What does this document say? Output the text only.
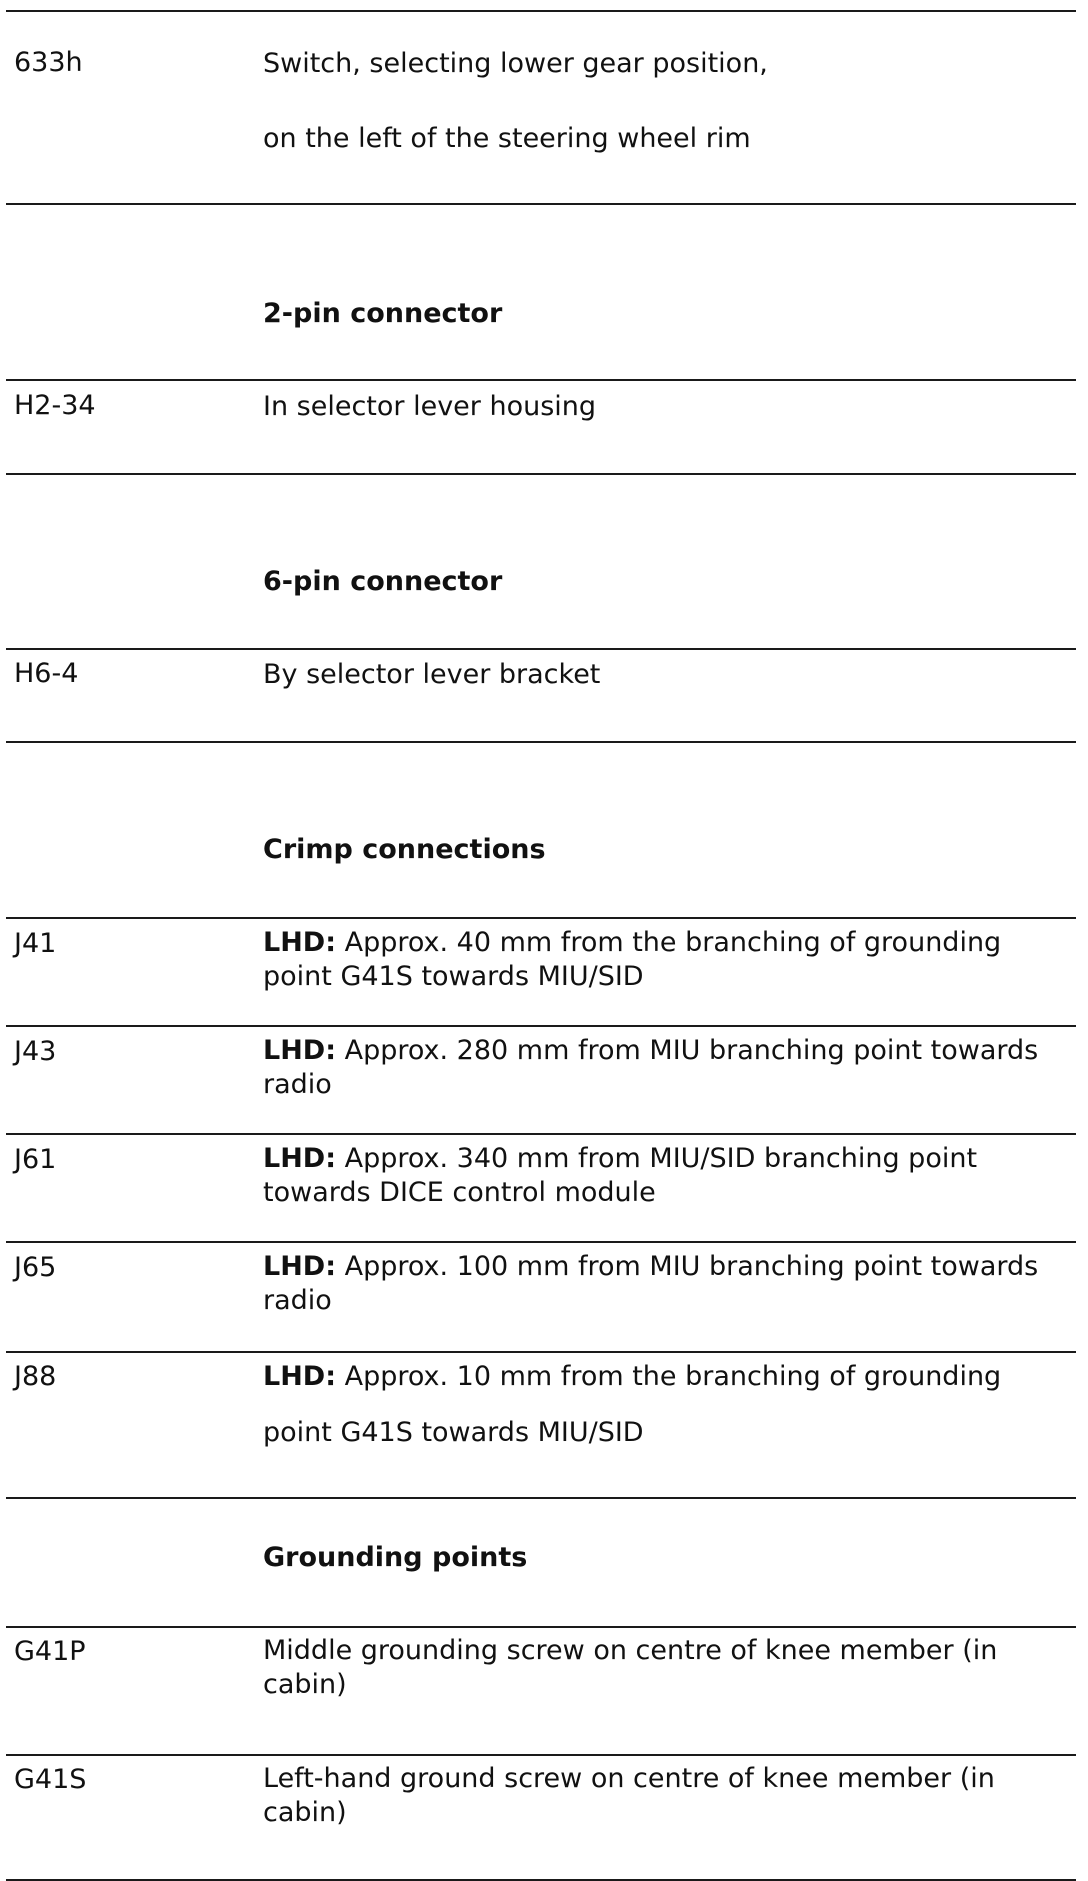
633h	Switch, selecting lower gear position,
on the left of the steering wheel rim
2-pin connector
H2-34	In selector lever housing
6-pin connector
H6-4	By selector lever bracket
Crimp connections
J41	LHD: Approx. 40 mm from the branching of grounding point G41S towards MIU/SID
J43	LHD: Approx. 280 mm from MIU branching point towards radio
J61	LHD: Approx. 340 mm from MIU/SID branching point towards DICE control module
J65	LHD: Approx. 100 mm from MIU branching point towards radio
J88	LHD: Approx. 10 mm from the branching of grounding
point G41S towards MIU/SID
Grounding points
G41P	Middle grounding screw on centre of knee member (in cabin)
G41S	Left-hand ground screw on centre of knee member (in cabin)
